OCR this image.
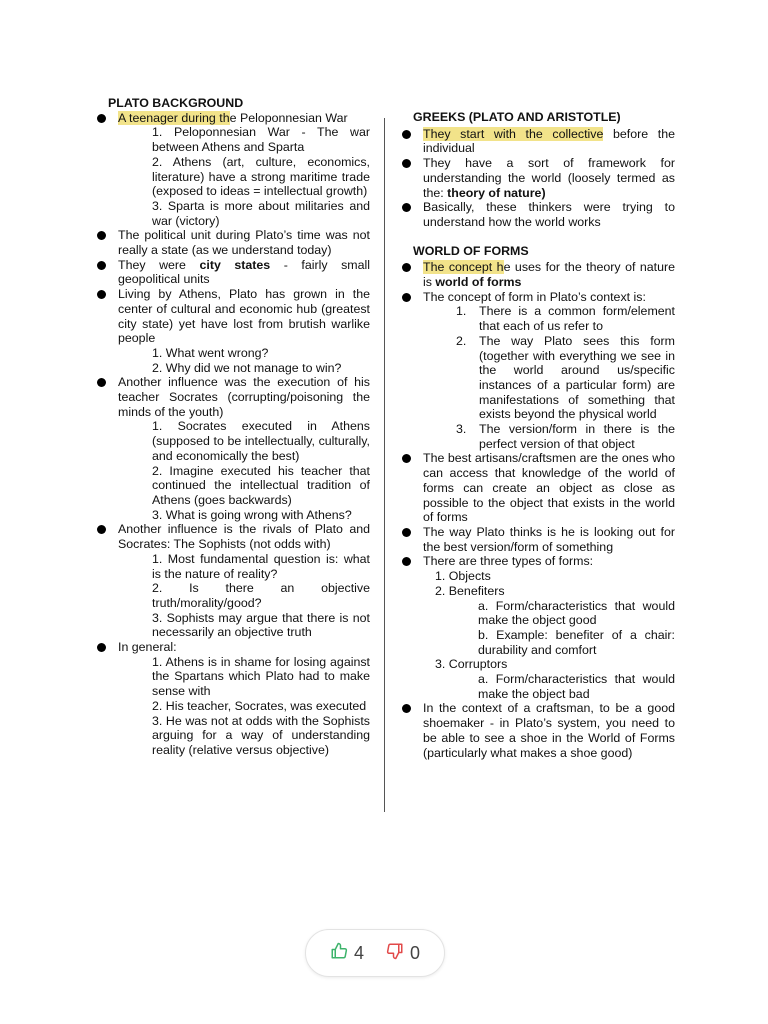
PLATO BACKGROUND
A teenager during the Peloponnesian War
1. Peloponnesian War - The war between Athens and Sparta
2. Athens (art, culture, economics, literature) have a strong maritime trade (exposed to ideas = intellectual growth)
3. Sparta is more about militaries and war (victory)
The political unit during Plato’s time was not really a state (as we understand today)
They were city states - fairly small geopolitical units
Living by Athens, Plato has grown in the center of cultural and economic hub (greatest city state) yet have lost from brutish warlike people
1. What went wrong?
2. Why did we not manage to win?
Another influence was the execution of his teacher Socrates (corrupting/poisoning the minds of the youth)
1. Socrates executed in Athens (supposed to be intellectually, culturally, and economically the best)
2. Imagine executed his teacher that continued the intellectual tradition of Athens (goes backwards)
3. What is going wrong with Athens?
Another influence is the rivals of Plato and Socrates: The Sophists (not odds with)
1. Most fundamental question is: what is the nature of reality?
2. Is there an objective truth/morality/good?
3. Sophists may argue that there is not necessarily an objective truth
In general:
1. Athens is in shame for losing against the Spartans which Plato had to make sense with
2. His teacher, Socrates, was executed
3. He was not at odds with the Sophists arguing for a way of understanding reality (relative versus objective)
GREEKS (PLATO AND ARISTOTLE)
They start with the collective before the individual
They have a sort of framework for understanding the world (loosely termed as the: theory of nature)
Basically, these thinkers were trying to understand how the world works
WORLD OF FORMS
The concept he uses for the theory of nature is world of forms
The concept of form in Plato’s context is:
1. There is a common form/element that each of us refer to
2. The way Plato sees this form (together with everything we see in the world around us/specific instances of a particular form) are manifestations of something that exists beyond the physical world
3. The version/form in there is the perfect version of that object
The best artisans/craftsmen are the ones who can access that knowledge of the world of forms can create an object as close as possible to the object that exists in the world of forms
The way Plato thinks is he is looking out for the best version/form of something
There are three types of forms:
1. Objects
2. Benefiters
a. Form/characteristics that would make the object good
b. Example: benefiter of a chair: durability and comfort
3. Corruptors
a. Form/characteristics that would make the object bad
In the context of a craftsman, to be a good shoemaker - in Plato’s system, you need to be able to see a shoe in the World of Forms (particularly what makes a shoe good)
4	0
